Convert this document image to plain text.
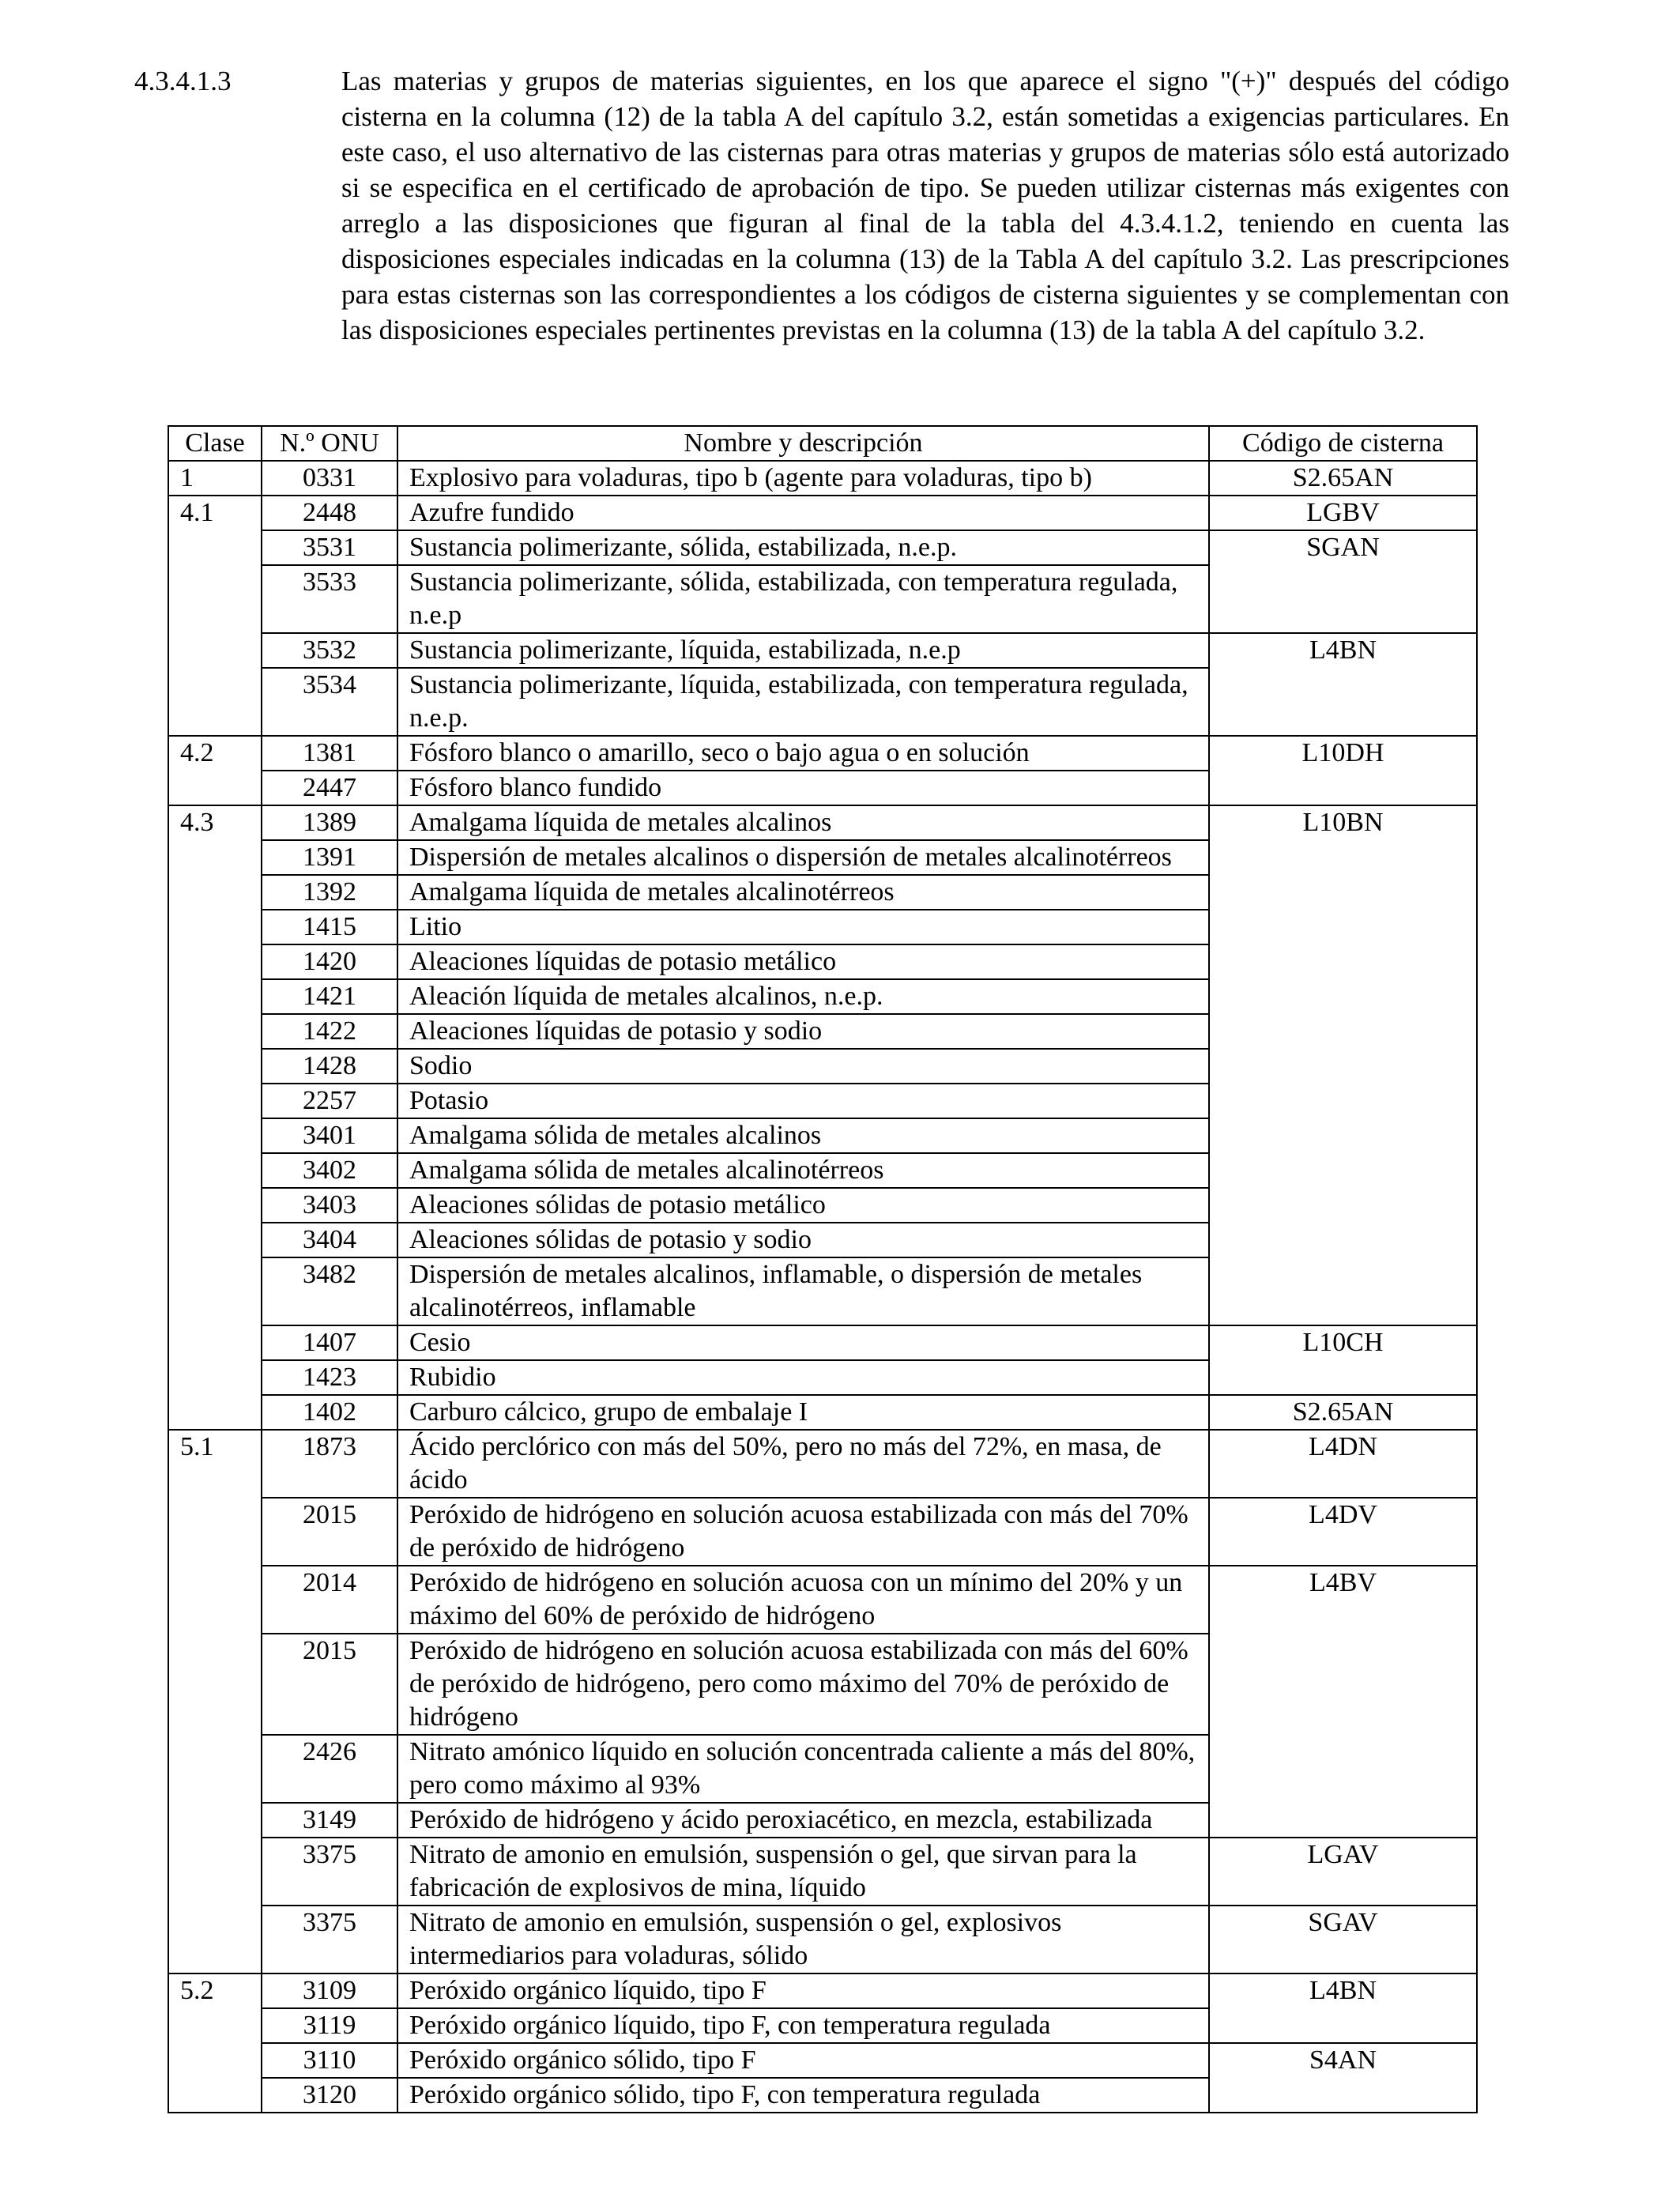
4.3.4.1.3	Las materias y grupos de materias siguientes, en los que aparece el signo "(+)" después del código cisterna en la columna (12) de la tabla A del capítulo 3.2, están sometidas a exigencias particulares. En este caso, el uso alternativo de las cisternas para otras materias y grupos de materias sólo está autorizado si se especifica en el certificado de aprobación de tipo. Se pueden utilizar cisternas más exigentes con arreglo a las disposiciones que figuran al final de la tabla del 4.3.4.1.2, teniendo en cuenta las disposiciones especiales indicadas en la columna (13) de la Tabla A del capítulo 3.2. Las prescripciones para estas cisternas son las correspondientes a los códigos de cisterna siguientes y se complementan con las disposiciones especiales pertinentes previstas en la columna (13) de la tabla A del capítulo 3.2.
Clase	N.º ONU	Nombre y descripción	Código de cisterna
1	0331	Explosivo para voladuras, tipo b (agente para voladuras, tipo b)	S2.65AN
4.1	2448	Azufre fundido	LGBV
	3531	Sustancia polimerizante, sólida, estabilizada, n.e.p.	SGAN
	3533	Sustancia polimerizante, sólida, estabilizada, con temperatura regulada, n.e.p	
	3532	Sustancia polimerizante, líquida, estabilizada, n.e.p	L4BN
	3534	Sustancia polimerizante, líquida, estabilizada, con temperatura regulada, n.e.p.	
4.2	1381	Fósforo blanco o amarillo, seco o bajo agua o en solución	L10DH
	2447	Fósforo blanco fundido	
4.3	1389	Amalgama líquida de metales alcalinos	L10BN
	1391	Dispersión de metales alcalinos o dispersión de metales alcalinotérreos	
	1392	Amalgama líquida de metales alcalinotérreos	
	1415	Litio	
	1420	Aleaciones líquidas de potasio metálico	
	1421	Aleación líquida de metales alcalinos, n.e.p.	
	1422	Aleaciones líquidas de potasio y sodio	
	1428	Sodio	
	2257	Potasio	
	3401	Amalgama sólida de metales alcalinos	
	3402	Amalgama sólida de metales alcalinotérreos	
	3403	Aleaciones sólidas de potasio metálico	
	3404	Aleaciones sólidas de potasio y sodio	
	3482	Dispersión de metales alcalinos, inflamable, o dispersión de metales alcalinotérreos, inflamable	
	1407	Cesio	L10CH
	1423	Rubidio	
	1402	Carburo cálcico, grupo de embalaje I	S2.65AN
5.1	1873	Ácido perclórico con más del 50%, pero no más del 72%, en masa, de ácido	L4DN
	2015	Peróxido de hidrógeno en solución acuosa estabilizada con más del 70% de peróxido de hidrógeno	L4DV
	2014	Peróxido de hidrógeno en solución acuosa con un mínimo del 20% y un máximo del 60% de peróxido de hidrógeno	L4BV
	2015	Peróxido de hidrógeno en solución acuosa estabilizada con más del 60% de peróxido de hidrógeno, pero como máximo del 70% de peróxido de hidrógeno	
	2426	Nitrato amónico líquido en solución concentrada caliente a más del 80%, pero como máximo al 93%	
	3149	Peróxido de hidrógeno y ácido peroxiacético, en mezcla, estabilizada	
	3375	Nitrato de amonio en emulsión, suspensión o gel, que sirvan para la fabricación de explosivos de mina, líquido	LGAV
	3375	Nitrato de amonio en emulsión, suspensión o gel, explosivos intermediarios para voladuras, sólido	SGAV
5.2	3109	Peróxido orgánico líquido, tipo F	L4BN
	3119	Peróxido orgánico líquido, tipo F, con temperatura regulada	
	3110	Peróxido orgánico sólido, tipo F	S4AN
	3120	Peróxido orgánico sólido, tipo F, con temperatura regulada	
